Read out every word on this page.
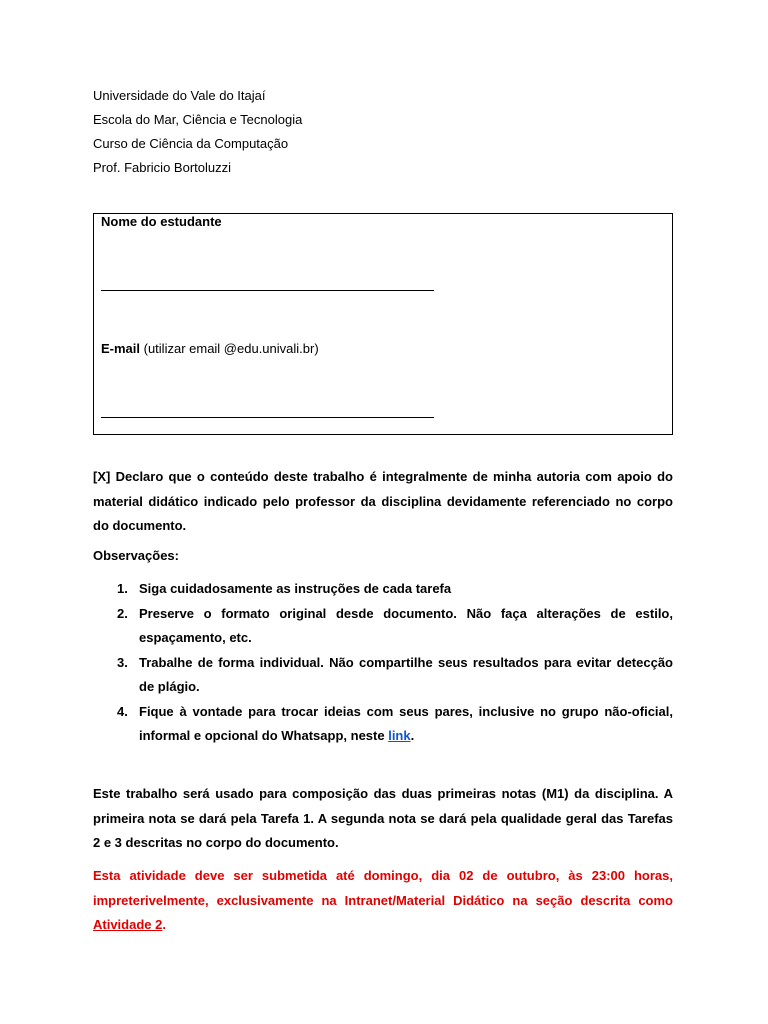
Universidade do Vale do Itajaí
Escola do Mar, Ciência e Tecnologia
Curso de Ciência da Computação
Prof. Fabricio Bortoluzzi
Nome do estudante
E-mail (utilizar email @edu.univali.br)
[X] Declaro que o conteúdo deste trabalho é integralmente de minha autoria com apoio do material didático indicado pelo professor da disciplina devidamente referenciado no corpo do documento.
Observações:
1. Siga cuidadosamente as instruções de cada tarefa
2. Preserve o formato original desde documento. Não faça alterações de estilo, espaçamento, etc.
3. Trabalhe de forma individual. Não compartilhe seus resultados para evitar detecção de plágio.
4. Fique à vontade para trocar ideias com seus pares, inclusive no grupo não-oficial, informal e opcional do Whatsapp, neste link.
Este trabalho será usado para composição das duas primeiras notas (M1) da disciplina. A primeira nota se dará pela Tarefa 1. A segunda nota se dará pela qualidade geral das Tarefas 2 e 3 descritas no corpo do documento.
Esta atividade deve ser submetida até domingo, dia 02 de outubro, às 23:00 horas, impreterivelmente, exclusivamente na Intranet/Material Didático na seção descrita como Atividade 2.
